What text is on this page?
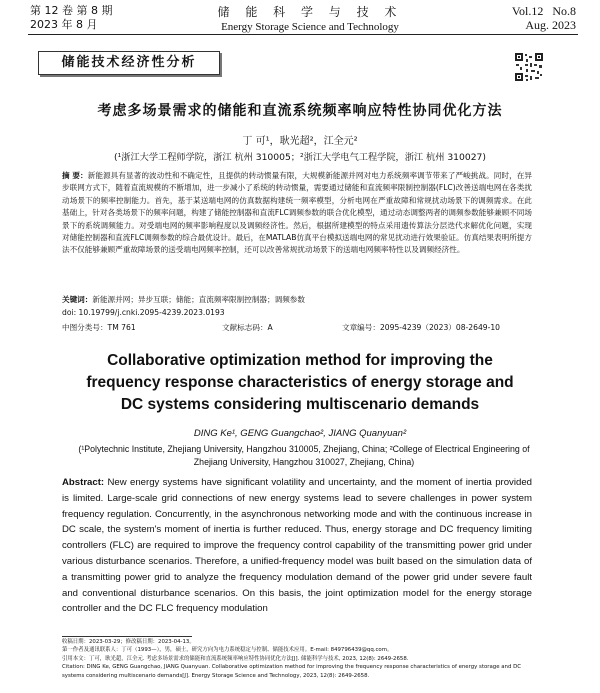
第 12 卷 第 8 期
2023 年 8 月
储 能 科 学 与 技 术
Energy Storage Science and Technology
Vol.12   No.8
Aug. 2023
储能技术经济性分析
考虑多场景需求的储能和直流系统频率响应特性协同优化方法
丁 可¹，耿光超²，江全元²
(¹浙江大学工程师学院，浙江 杭州 310005；²浙江大学电气工程学院，浙江 杭州 310027)
摘 要：新能源具有显著的波动性和不确定性，且提供的转动惯量有限，大规模新能源并网对电力系统频率调节带来了严峻挑战。同时，在异步联网方式下，随着直流规模的不断增加，进一步减小了系统的转动惯量，需要通过储能和直流频率限制控制器(FLC)改善送端电网在各类扰动场景下的频率控制能力。首先，基于某送端电网的仿真数据构建统一频率模型，分析电网在严重故障和常规扰动场景下的调频需求。在此基础上，针对各类场景下的频率问题，构建了储能控制器和直流FLC调频参数的联合优化模型，通过动态调整两者的调频参数能够兼顾不同场景下的系统调频能力。对受端电网的频率影响程度以及调频经济性。然后，根据所建模型的特点采用遗传算法分层迭代求解优化问题，实现对储能控制器和直流FLC调频参数的综合最优设计。最后，在MATLAB仿真平台模拟送端电网的常见扰动进行效果验证。仿真结果表明所提方法不仅能够兼顾严重故障场景的送受端电网频率控制，还可以改善常规扰动场景下的送端电网频率特性以及调频经济性。
关键词：新能源并网；异步互联；储能；直流频率限制控制器；调频参数
doi: 10.19799/j.cnki.2095-4239.2023.0193
中图分类号：TM 761	文献标志码：A	文章编号：2095-4239（2023）08-2649-10
Collaborative optimization method for improving the
frequency response characteristics of energy storage and
DC systems considering multiscenario demands
DING Ke¹, GENG Guangchao², JIANG Quanyuan²
(¹Polytechnic Institute, Zhejiang University, Hangzhou 310005, Zhejiang, China; ²College of Electrical Engineering of Zhejiang University, Hangzhou 310027, Zhejiang, China)
Abstract: New energy systems have significant volatility and uncertainty, and the moment of inertia provided is limited. Large-scale grid connections of new energy systems lead to severe challenges in power system frequency regulation. Concurrently, in the asynchronous networking mode and with the continuous increase in DC scale, the system's moment of inertia is further reduced. Thus, energy storage and DC frequency limiting controllers (FLC) are required to improve the frequency control capability of the transmitting power grid under various disturbance scenarios. Therefore, a unified-frequency model was built based on the simulation data of a transmitting power grid to analyze the frequency modulation demand of the power grid under severe fault and conventional disturbance scenarios. On this basis, the joint optimization model for the energy storage controller and the DC FLC frequency modulation
收稿日期：2023-03-29；修改稿日期：2023-04-13。
第一作者及通讯联系人：丁可（1993—），男，硕士，研究方向为电力系统稳定与控制、储能技术应用。E-mail: 849796439@qq.com。
引用本文：丁可，耿光超，江全元. 考虑多场景需求的储能和直流系统频率响应特性协同优化方法[J]. 储能科学与技术, 2023, 12(8): 2649-2658.
Citation: DING Ke, GENG Guangchao, JIANG Quanyuan. Collaborative optimization method for improving the frequency response characteristics of energy storage and DC systems considering multiscenario demands[J]. Energy Storage Science and Technology, 2023, 12(8): 2649-2658.
